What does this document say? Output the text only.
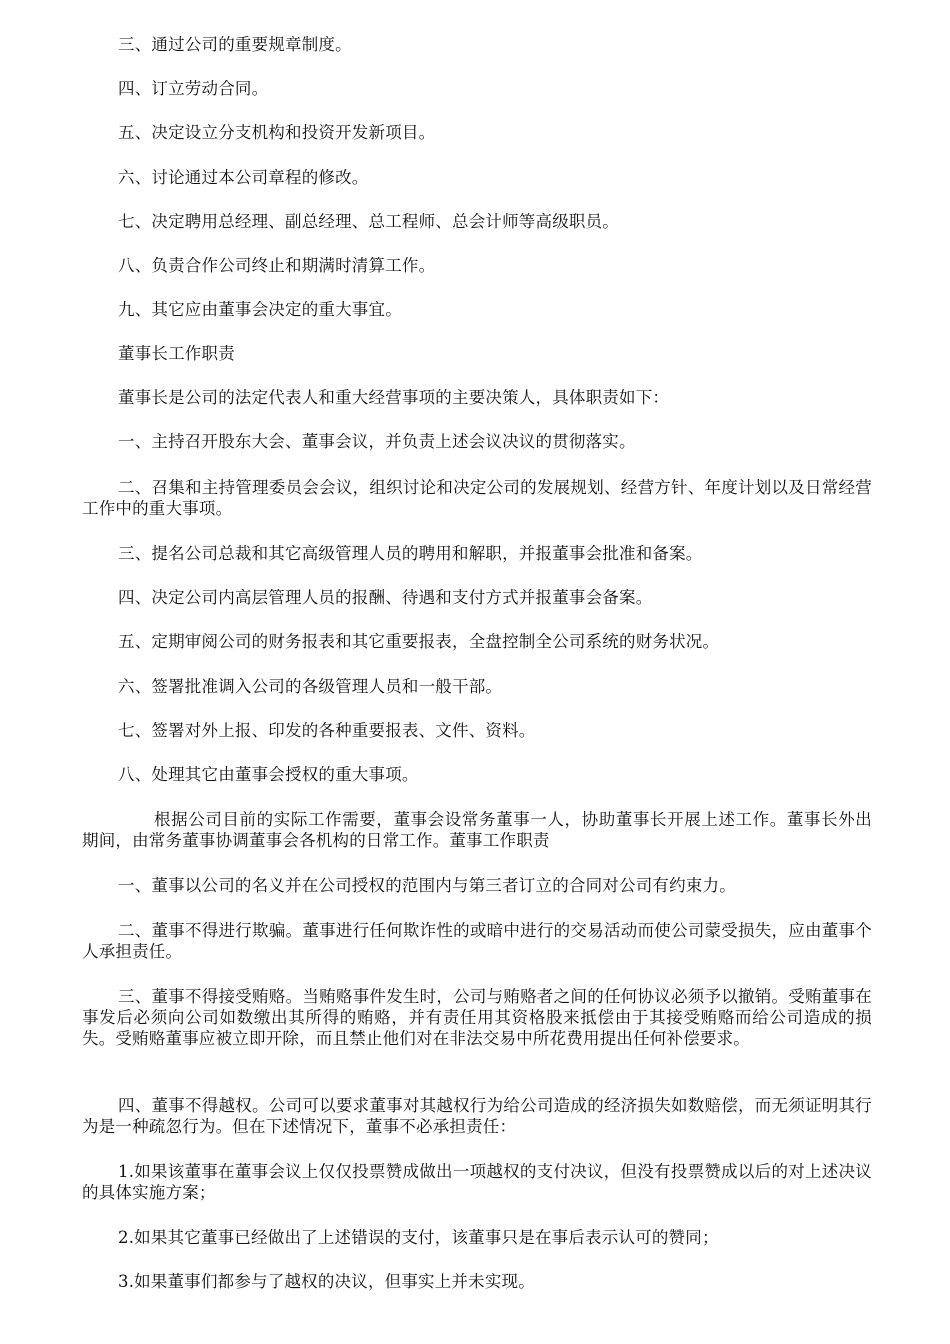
三、通过公司的重要规章制度。
四、订立劳动合同。
五、决定设立分支机构和投资开发新项目。
六、讨论通过本公司章程的修改。
七、决定聘用总经理、副总经理、总工程师、总会计师等高级职员。
八、负责合作公司终止和期满时清算工作。
九、其它应由董事会决定的重大事宜。
董事长工作职责
董事长是公司的法定代表人和重大经营事项的主要决策人，具体职责如下：
一、主持召开股东大会、董事会议，并负责上述会议决议的贯彻落实。
二、召集和主持管理委员会会议，组织讨论和决定公司的发展规划、经营方针、年度计划以及日常经营工作中的重大事项。
三、提名公司总裁和其它高级管理人员的聘用和解职，并报董事会批准和备案。
四、决定公司内高层管理人员的报酬、待遇和支付方式并报董事会备案。
五、定期审阅公司的财务报表和其它重要报表，全盘控制全公司系统的财务状况。
六、签署批准调入公司的各级管理人员和一般干部。
七、签署对外上报、印发的各种重要报表、文件、资料。
八、处理其它由董事会授权的重大事项。
根据公司目前的实际工作需要，董事会设常务董事一人，协助董事长开展上述工作。董事长外出期间，由常务董事协调董事会各机构的日常工作。董事工作职责
一、董事以公司的名义并在公司授权的范围内与第三者订立的合同对公司有约束力。
二、董事不得进行欺骗。董事进行任何欺诈性的或暗中进行的交易活动而使公司蒙受损失，应由董事个人承担责任。
三、董事不得接受贿赂。当贿赂事件发生时，公司与贿赂者之间的任何协议必须予以撤销。受贿董事在事发后必须向公司如数缴出其所得的贿赂，并有责任用其资格股来抵偿由于其接受贿赂而给公司造成的损失。受贿赂董事应被立即开除，而且禁止他们对在非法交易中所花费用提出任何补偿要求。
四、董事不得越权。公司可以要求董事对其越权行为给公司造成的经济损失如数赔偿，而无须证明其行为是一种疏忽行为。但在下述情况下，董事不必承担责任：
1.如果该董事在董事会议上仅仅投票赞成做出一项越权的支付决议，但没有投票赞成以后的对上述决议的具体实施方案；
2.如果其它董事已经做出了上述错误的支付，该董事只是在事后表示认可的赞同；
3.如果董事们都参与了越权的决议，但事实上并未实现。
